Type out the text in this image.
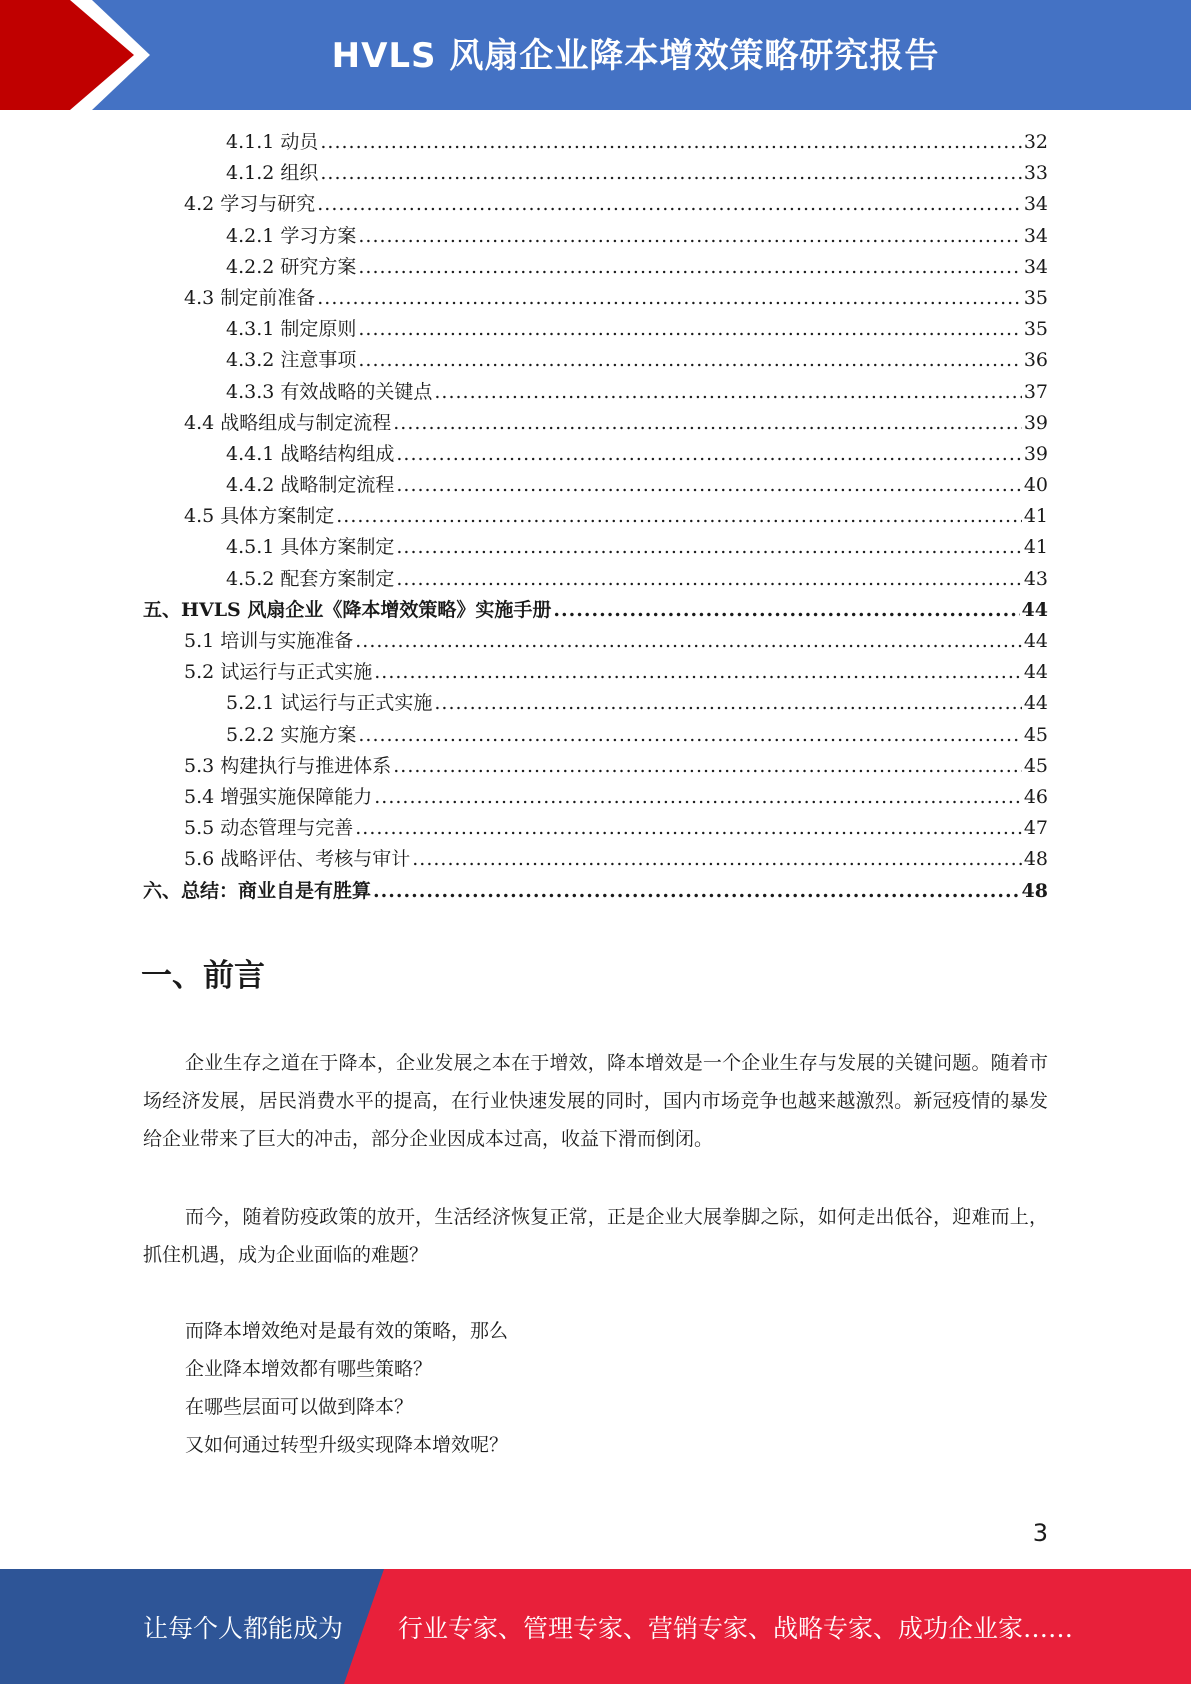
HVLS 风扇企业降本增效策略研究报告
4.1.1 动员 .....	32
4.1.2 组织 .....	33
4.2 学习与研究 .....	34
4.2.1 学习方案 .....	34
4.2.2 研究方案 .....	34
4.3 制定前准备 .....	35
4.3.1 制定原则 .....	35
4.3.2 注意事项 .....	36
4.3.3 有效战略的关键点 .....	37
4.4 战略组成与制定流程 .....	39
4.4.1 战略结构组成 .....	39
4.4.2 战略制定流程 .....	40
4.5 具体方案制定 .....	41
4.5.1 具体方案制定 .....	41
4.5.2 配套方案制定 .....	43
五、HVLS 风扇企业《降本增效策略》实施手册 .....	44
5.1 培训与实施准备 .....	44
5.2 试运行与正式实施 .....	44
5.2.1 试运行与正式实施 .....	44
5.2.2 实施方案 .....	45
5.3 构建执行与推进体系 .....	45
5.4 增强实施保障能力 .....	46
5.5 动态管理与完善 .....	47
5.6 战略评估、考核与审计 .....	48
六、总结：商业自是有胜算 .....	48
一、前言

企业生存之道在于降本，企业发展之本在于增效，降本增效是一个企业生存与发展的关键问题。随着市场经济发展，居民消费水平的提高，在行业快速发展的同时，国内市场竞争也越来越激烈。新冠疫情的暴发给企业带来了巨大的冲击，部分企业因成本过高，收益下滑而倒闭。

而今，随着防疫政策的放开，生活经济恢复正常，正是企业大展拳脚之际，如何走出低谷，迎难而上，抓住机遇，成为企业面临的难题？

而降本增效绝对是最有效的策略，那么
企业降本增效都有哪些策略？
在哪些层面可以做到降本？
又如何通过转型升级实现降本增效呢？
3
让每个人都能成为 行业专家、管理专家、营销专家、战略专家、成功企业家……
